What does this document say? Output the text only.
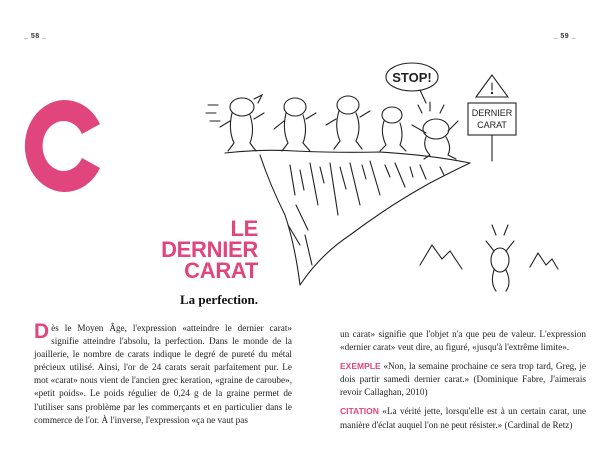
_ 58 _	_ 59 _
STOP!
DERNIER
CARAT
LE
DERNIER
CARAT
La perfection.
Dès le Moyen Âge, l'expression «atteindre le dernier carat» signifie atteindre l'absolu, la perfection. Dans le monde de la joaillerie, le nombre de carats indique le degré de pureté du métal précieux utilisé. Ainsi, l'or de 24 carats serait parfaitement pur. Le mot «carat» nous vient de l'ancien grec keration, «graine de caroube», «petit poids». Le poids régulier de 0,24 g de la graine permet de l'utiliser sans problème par les commerçants et en particulier dans le commerce de l'or. À l'inverse, l'expression «ça ne vaut pas

un carat» signifie que l'objet n'a que peu de valeur. L'expression «dernier carat» veut dire, au figuré, «jusqu'à l'extrême limite».

EXEMPLE «Non, la semaine prochaine ce sera trop tard, Greg, je dois partir samedi dernier carat.» (Dominique Fabre, J'aimerais revoir Callaghan, 2010)

CITATION «La vérité jette, lorsqu'elle est à un certain carat, une manière d'éclat auquel l'on ne peut résister.» (Cardinal de Retz)
